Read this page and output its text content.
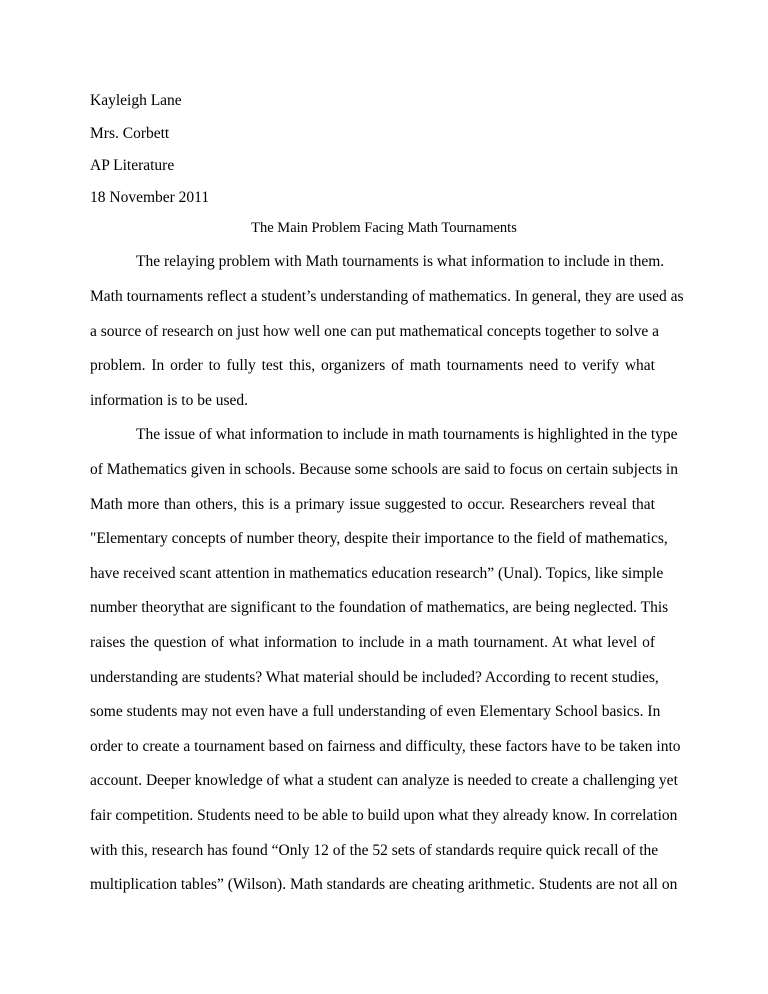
Kayleigh Lane
Mrs. Corbett
AP Literature
18 November 2011
The Main Problem Facing Math Tournaments
The relaying problem with Math tournaments is what information to include in them.
Math tournaments reflect a student’s understanding of mathematics. In general, they are used as
a source of research on just how well one can put mathematical concepts together to solve a
problem. In order to fully test this, organizers of math tournaments need to verify what
information is to be used.
The issue of what information to include in math tournaments is highlighted in the type
of Mathematics given in schools. Because some schools are said to focus on certain subjects in
Math more than others, this is a primary issue suggested to occur. Researchers reveal that
"Elementary concepts of number theory, despite their importance to the field of mathematics,
have received scant attention in mathematics education research” (Unal). Topics, like simple
number theorythat are significant to the foundation of mathematics, are being neglected. This
raises the question of what information to include in a math tournament. At what level of
understanding are students? What material should be included? According to recent studies,
some students may not even have a full understanding of even Elementary School basics. In
order to create a tournament based on fairness and difficulty, these factors have to be taken into
account. Deeper knowledge of what a student can analyze is needed to create a challenging yet
fair competition. Students need to be able to build upon what they already know. In correlation
with this, research has found “Only 12 of the 52 sets of standards require quick recall of the
multiplication tables” (Wilson). Math standards are cheating arithmetic. Students are not all on
